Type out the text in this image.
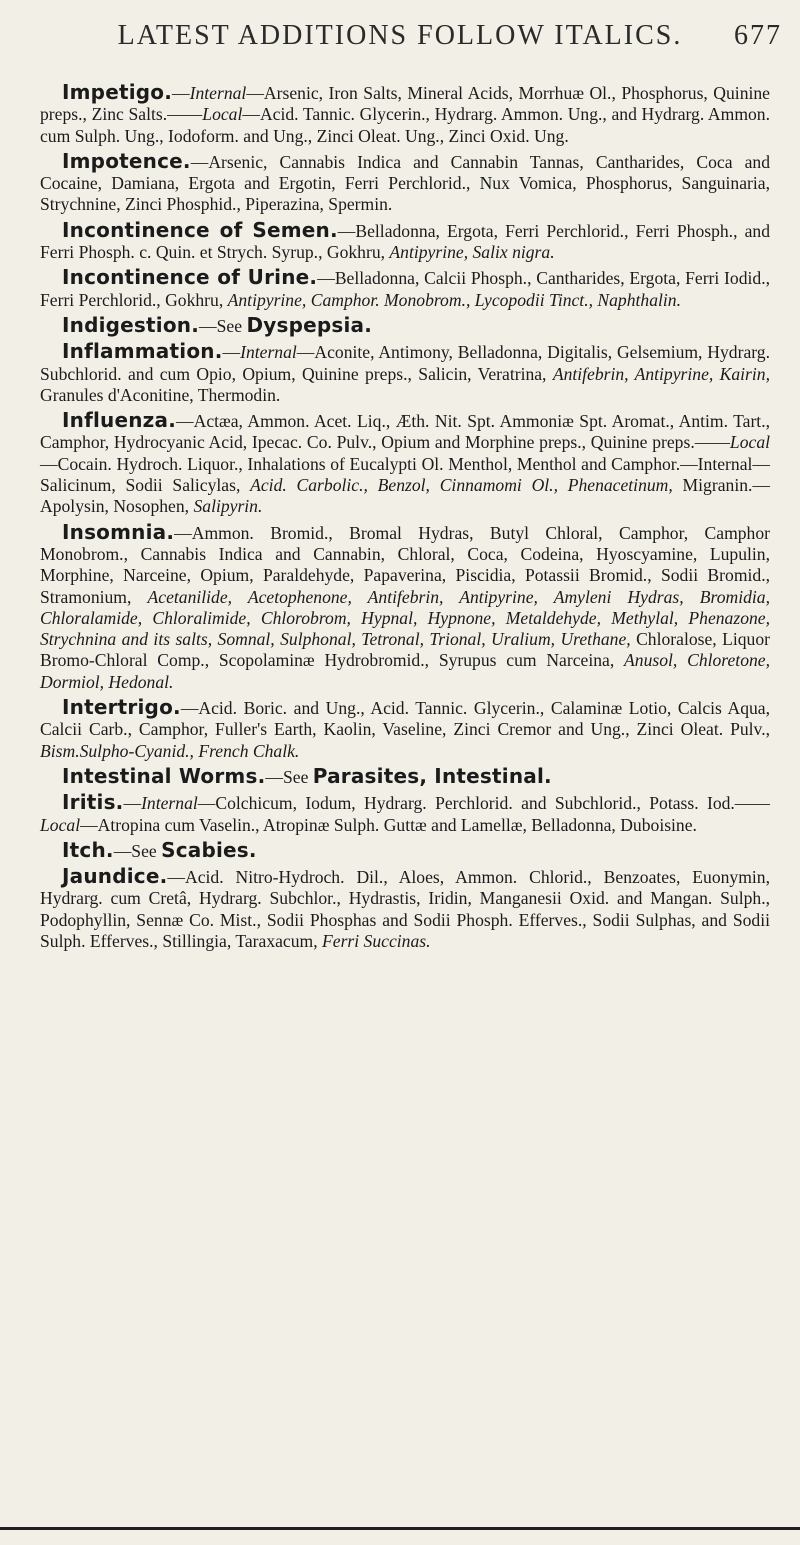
LATEST ADDITIONS FOLLOW ITALICS. 677

Impetigo.—Internal—Arsenic, Iron Salts, Mineral Acids, Morrhuæ Ol., Phosphorus, Quinine preps., Zinc Salts.——Local—Acid. Tannic. Glycerin., Hydrarg. Ammon. Ung., and Hydrarg. Ammon. cum Sulph. Ung., Iodoform. and Ung., Zinci Oleat. Ung., Zinci Oxid. Ung.

Impotence.—Arsenic, Cannabis Indica and Cannabin Tannas, Cantharides, Coca and Cocaine, Damiana, Ergota and Ergotin, Ferri Perchlorid., Nux Vomica, Phosphorus, Sanguinaria, Strychnine, Zinci Phosphid., Piperazina, Spermin.

Incontinence of Semen.—Belladonna, Ergota, Ferri Perchlorid., Ferri Phosph., and Ferri Phosph. c. Quin. et Strych. Syrup., Gokhru, Antipyrine, Salix nigra.

Incontinence of Urine.—Belladonna, Calcii Phosph., Cantharides, Ergota, Ferri Iodid., Ferri Perchlorid., Gokhru, Antipyrine, Camphor. Monobrom., Lycopodii Tinct., Naphthalin.

Indigestion.—See Dyspepsia.

Inflammation.—Internal—Aconite, Antimony, Belladonna, Digitalis, Gelsemium, Hydrarg. Subchlorid. and cum Opio, Opium, Quinine preps., Salicin, Veratrina, Antifebrin, Antipyrine, Kairin, Granules d'Aconitine, Thermodin.

Influenza.—Actæa, Ammon. Acet. Liq., Æth. Nit. Spt. Ammoniæ Spt. Aromat., Antim. Tart., Camphor, Hydrocyanic Acid, Ipecac. Co. Pulv., Opium and Morphine preps., Quinine preps.——Local—Cocain. Hydroch. Liquor., Inhalations of Eucalypti Ol. Menthol, Menthol and Camphor.—Internal— Salicinum, Sodii Salicylas, Acid. Carbolic., Benzol, Cinnamomi Ol., Phenacetinum, Migranin.—Apolysin, Nosophen, Salipyrin.

Insomnia.—Ammon. Bromid., Bromal Hydras, Butyl Chloral, Camphor, Camphor Monobrom., Cannabis Indica and Cannabin, Chloral, Coca, Codeina, Hyoscyamine, Lupulin, Morphine, Narceine, Opium, Paraldehyde, Papaverina, Piscidia, Potassii Bromid., Sodii Bromid., Stramonium, Acetanilide, Acetophenone, Antifebrin, Antipyrine, Amyleni Hydras, Bromidia, Chloralamide, Chloralimide, Chlorobrom, Hypnal, Hypnone, Metaldehyde, Methylal, Phenazone, Strychnina and its salts, Somnal, Sulphonal, Tetronal, Trional, Uralium, Urethane, Chloralose, Liquor Bromo-Chloral Comp., Scopolaminæ Hydrobromid., Syrupus cum Narceina, Anusol, Chloretone, Dormiol, Hedonal.

Intertrigo.—Acid. Boric. and Ung., Acid. Tannic. Glycerin., Calaminæ Lotio, Calcis Aqua, Calcii Carb., Camphor, Fuller's Earth, Kaolin, Vaseline, Zinci Cremor and Ung., Zinci Oleat. Pulv., Bism.Sulpho-Cyanid., French Chalk.

Intestinal Worms.—See Parasites, Intestinal.

Iritis.—Internal—Colchicum, Iodum, Hydrarg. Perchlorid. and Subchlorid., Potass. Iod.——Local—Atropina cum Vaselin., Atropinæ Sulph. Guttæ and Lamellæ, Belladonna, Duboisine.

Itch.—See Scabies.

Jaundice.—Acid. Nitro-Hydroch. Dil., Aloes, Ammon. Chlorid., Benzoates, Euonymin, Hydrarg. cum Cretâ, Hydrarg. Subchlor., Hydrastis, Iridin, Manganesii Oxid. and Mangan. Sulph., Podophyllin, Sennæ Co. Mist., Sodii Phosphas and Sodii Phosph. Efferves., Sodii Sulphas, and Sodii Sulph. Efferves., Stillingia, Taraxacum, Ferri Succinas.
